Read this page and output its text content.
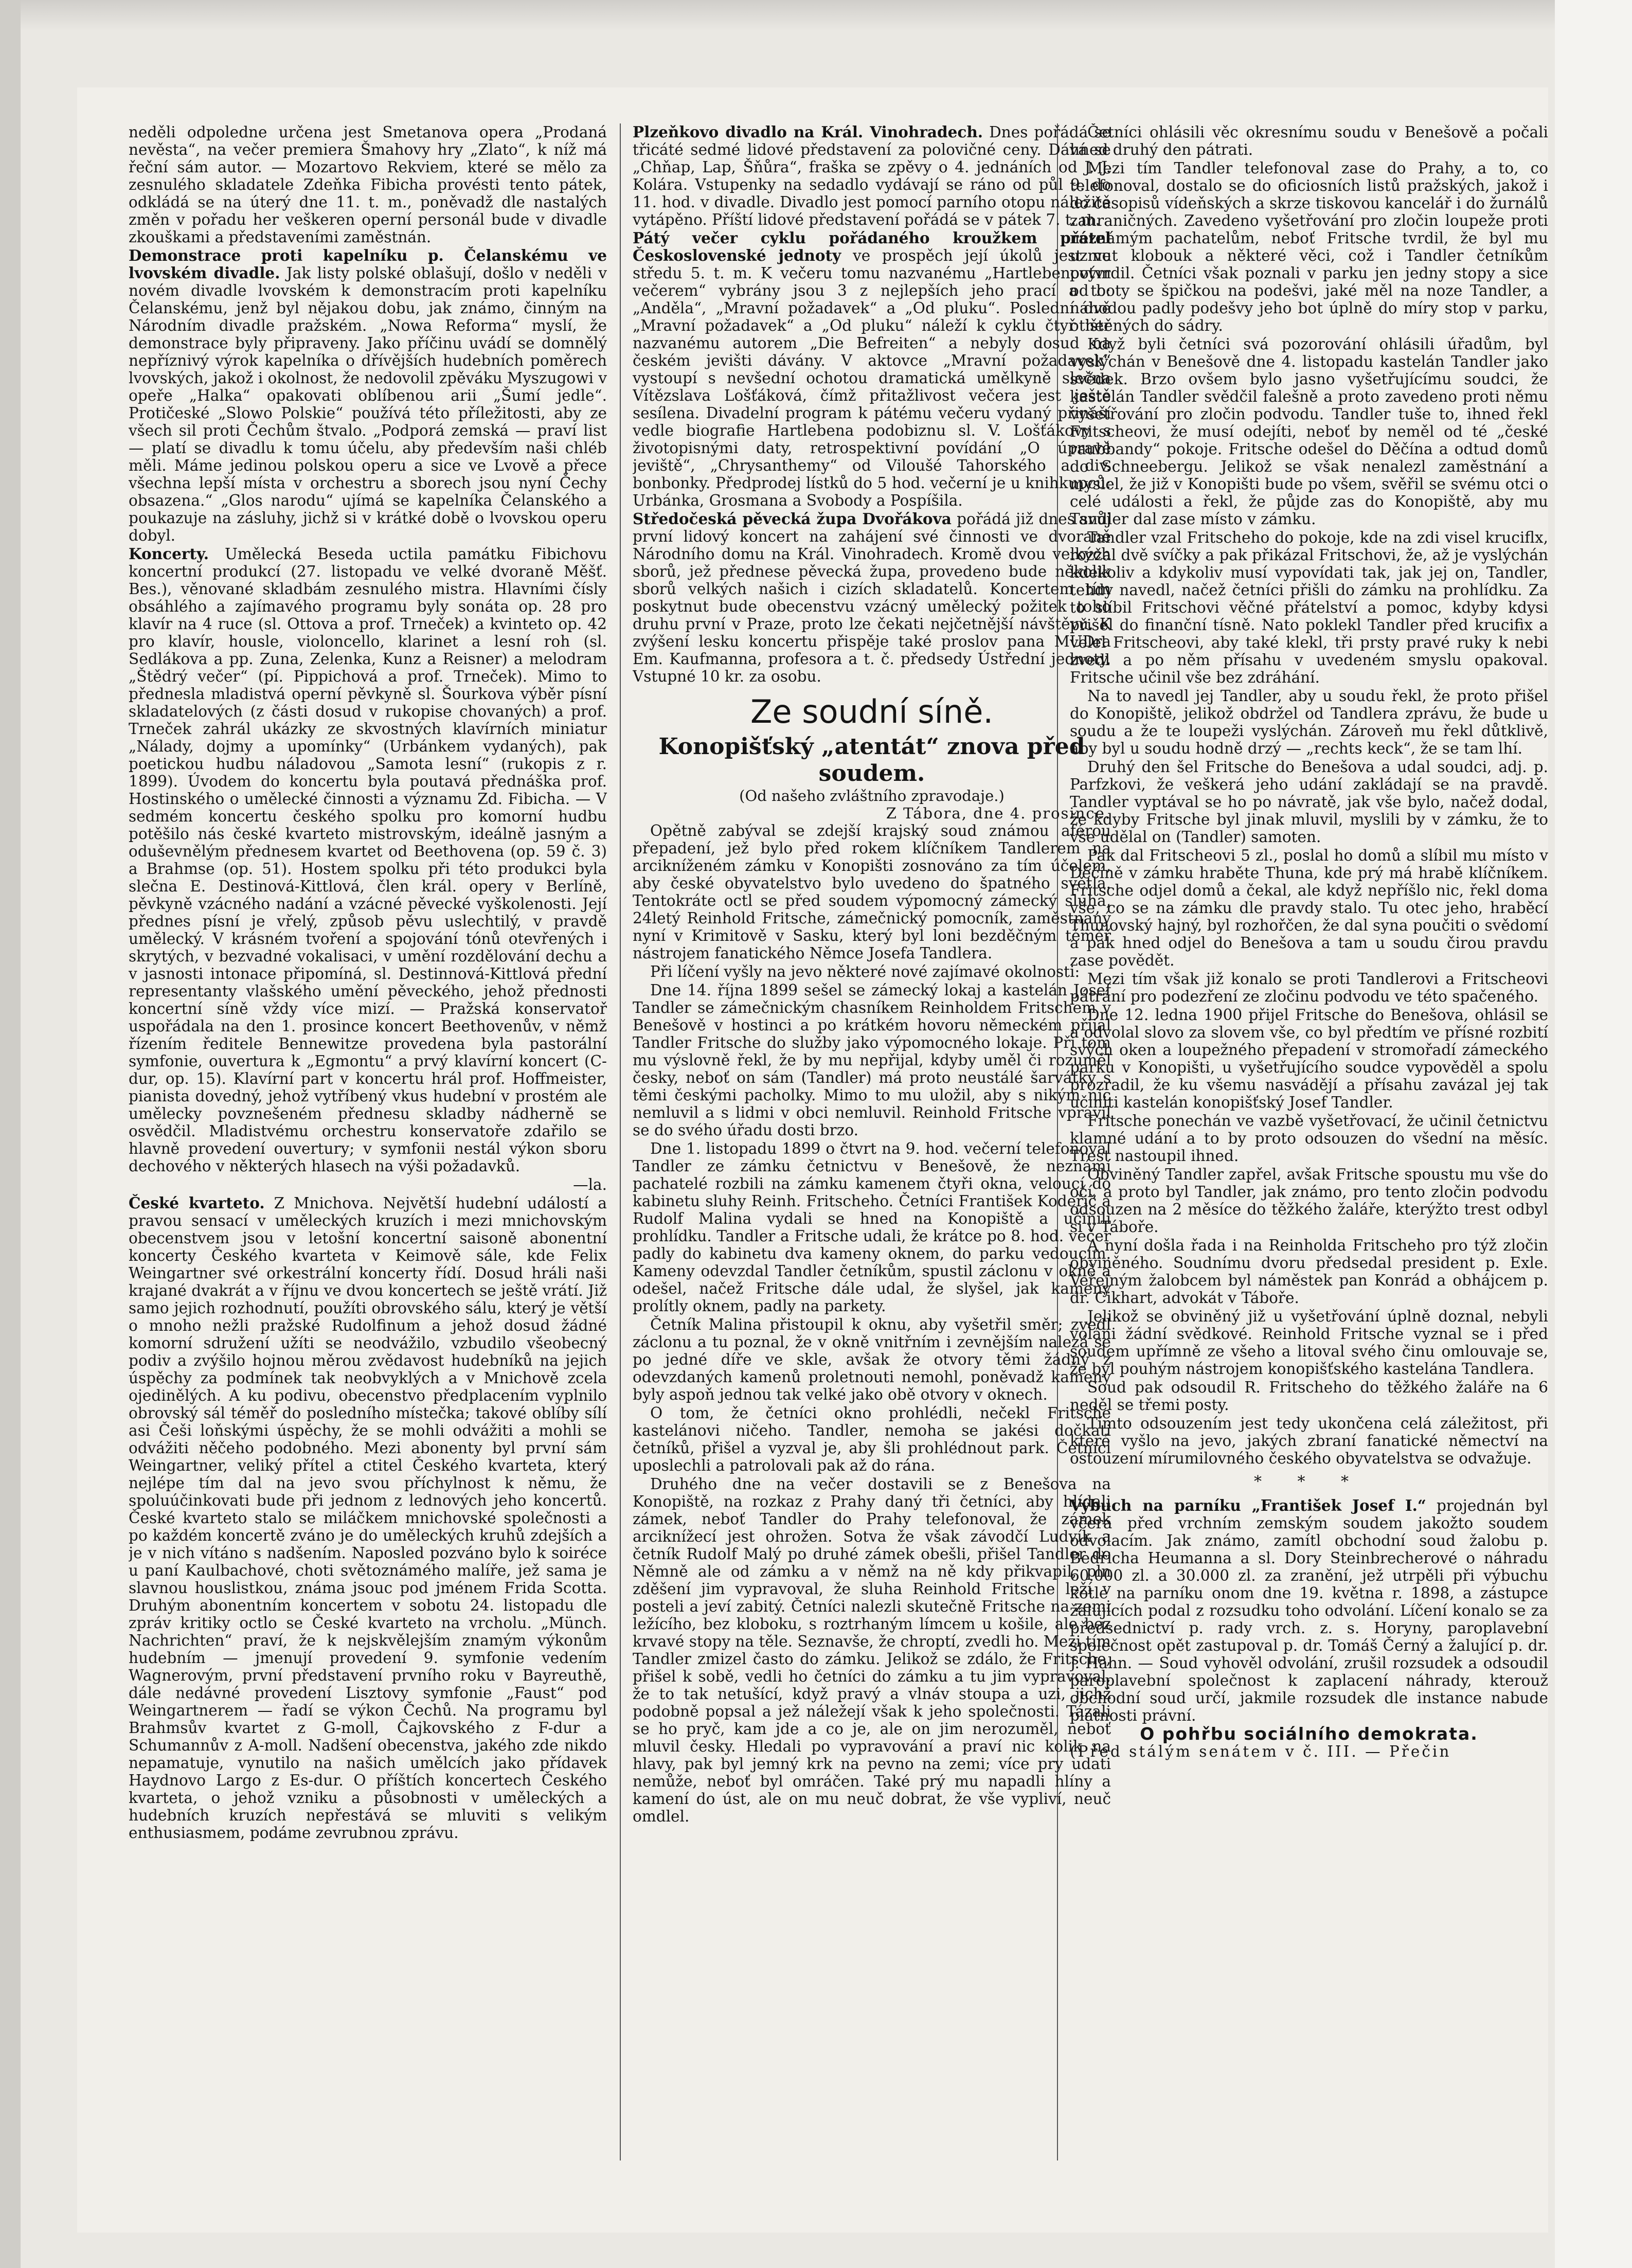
neděli odpoledne určena jest Smetanova opera „Prodaná nevěsta“, na večer premiera Šmahovy hry „Zlato“, k níž má řeční sám autor. — Mozartovo Rekviem, které se mělo za zesnulého skladatele Zdeňka Fibicha provésti tento pátek, odkládá se na úterý dne 11. t. m., poněvadž dle nastalých změn v pořadu her veškeren operní personál bude v divadle zkouškami a představeními zaměstnán.

Demonstrace proti kapelníku p. Čelanskému ve lvovském divadle. Jak listy polské oblašují, došlo v neděli v novém divadle lvovském k demonstracím proti kapelníku Čelanskému, jenž byl nějakou dobu, jak známo, činným na Národním divadle pražském. „Nowa Reforma“ myslí, že demonstrace byly připraveny. Jako příčinu uvádí se domnělý nepříznivý výrok kapelníka o dřívějších hudebních poměrech lvovských, jakož i okolnost, že nedovolil zpěváku Myszugowi v opeře „Halka“ opakovati oblíbenou arii „Šumí jedle“. Protičeské „Slowo Polskie“ používá této příležitosti, aby ze všech sil proti Čechům štvalo. „Podporá zemská — praví list — platí se divadlu k tomu účelu, aby především naši chléb měli. Máme jedinou polskou operu a sice ve Lvově a přece všechna lepší místa v orchestru a sborech jsou nyní Čechy obsazena.“ „Glos narodu“ ujímá se kapelníka Čelanského a poukazuje na zásluhy, jichž si v krátké době o lvovskou operu dobyl.

Koncerty. Umělecká Beseda uctila památku Fibichovu koncertní produkcí (27. listopadu ve velké dvoraně Měšť. Bes.), věnované skladbám zesnulého mistra. Hlavními čísly obsáhlého a zajímavého programu byly sonáta op. 28 pro klavír na 4 ruce (sl. Ottova a prof. Trneček) a kvinteto op. 42 pro klavír, housle, violoncello, klarinet a lesní roh (sl. Sedlákova a pp. Zuna, Zelenka, Kunz a Reisner) a melodram „Štědrý večer“ (pí. Pippichová a prof. Trneček). Mimo to přednesla mladistvá operní pěvkyně sl. Šourkova výběr písní skladatelových (z části dosud v rukopise chovaných) a prof. Trneček zahrál ukázky ze skvostných klavírních miniatur „Nálady, dojmy a upomínky“ (Urbánkem vydaných), pak poetickou hudbu náladovou „Samota lesní“ (rukopis z r. 1899). Úvodem do koncertu byla poutavá přednáška prof. Hostinského o umělecké činnosti a významu Zd. Fibicha. — V sedmém koncertu českého spolku pro komorní hudbu potěšilo nás české kvarteto mistrovským, ideálně jasným a oduševnělým přednesem kvartet od Beethovena (op. 59 č. 3) a Brahmse (op. 51). Hostem spolku při této produkci byla slečna E. Destinová-Kittlová, člen král. opery v Berlíně, pěvkyně vzácného nadání a vzácné pěvecké vyškolenosti. Její přednes písní je vřelý, způsob pěvu uslechtilý, v pravdě umělecký. V krásném tvoření a spojování tónů otevřených i skrytých, v bezvadné vokalisaci, v umění rozdělování dechu a v jasnosti intonace připomíná, sl. Destinnová-Kittlová přední representanty vlašského umění pěveckého, jehož přednosti koncertní síně vždy více mizí. — Pražská konservatoř uspořádala na den 1. prosince koncert Beethovenův, v němž řízením ředitele Bennewitze provedena byla pastorální symfonie, ouvertura k „Egmontu“ a prvý klavírní koncert (C-dur, op. 15). Klavírní part v koncertu hrál prof. Hoffmeister, pianista dovedný, jehož vytříbený vkus hudební v prostém ale umělecky povznešeném přednesu skladby nádherně se osvědčil. Mladistvému orchestru konservatoře zdařilo se hlavně provedení ouvertury; v symfonii nestál výkon sboru dechového v některých hlasech na výši požadavků.

—la.

České kvarteto. Z Mnichova. Největší hudební událostí a pravou sensací v uměleckých kruzích i mezi mnichovským obecenstvem jsou v letošní koncertní saisoně abonentní koncerty Českého kvarteta v Keimově sále, kde Felix Weingartner své orkestrální koncerty řídí. Dosud hráli naši krajané dvakrát a v říjnu ve dvou koncertech se ještě vrátí. Již samo jejich rozhodnutí, použíti obrovského sálu, který je větší o mnoho nežli pražské Rudolfinum a jehož dosud žádné komorní sdružení užíti se neodvážilo, vzbudilo všeobecný podiv a zvýšilo hojnou měrou zvědavost hudebníků na jejich úspěchy za podmínek tak neobvyklých a v Mnichově zcela ojedinělých. A ku podivu, obecenstvo předplacením vyplnilo obrovský sál téměř do posledního místečka; takové oblíby sílí asi Češi loňskými úspěchy, že se mohli odvážiti a mohli se odvážiti něčeho podobného. Mezi abonenty byl první sám Weingartner, veliký přítel a ctitel Českého kvarteta, který nejlépe tím dal na jevo svou příchylnost k němu, že spoluúčinkovati bude při jednom z lednových jeho koncertů. České kvarteto stalo se miláčkem mnichovské společnosti a po každém koncertě zváno je do uměleckých kruhů zdejších a je v nich vítáno s nadšením. Naposled pozváno bylo k soiréce u paní Kaulbachové, choti světoznámého malíře, jež sama je slavnou houslistkou, známa jsouc pod jménem Frida Scotta. Druhým abonentním koncertem v sobotu 24. listopadu dle zpráv kritiky octlo se České kvarteto na vrcholu. „Münch. Nachrichten“ praví, že k nejskvělejším znamým výkonům hudebním — jmenují provedení 9. symfonie vedením Wagnerovým, první představení prvního roku v Bayreuthě, dále nedávné provedení Lisztovy symfonie „Faust“ pod Weingartnerem — řadí se výkon Čechů. Na programu byl Brahmsův kvartet z G-moll, Čajkovského z F-dur a Schumannův z A-moll. Nadšení obecenstva, jakého zde nikdo nepamatuje, vynutilo na našich umělcích jako přídavek Haydnovo Largo z Es-dur. O příštích koncertech Českého kvarteta, o jehož vzniku a působnosti v uměleckých a hudebních kruzích nepřestává se mluviti s velikým enthusiasmem, podáme zevrubnou zprávu.

Plzeňkovo divadlo na Král. Vinohradech. Dnes pořádá se třicáté sedmé lidové představení za polovičné ceny. Dává se „Chňap, Lap, Šňůra“, fraška se zpěvy o 4. jednáních od J. J. Kolára. Vstupenky na sedadlo vydávají se ráno od půl 9. do 11. hod. v divadle. Divadlo jest pomocí parního otopu náležitě vytápěno. Příští lidové představení pořádá se v pátek 7. t. m.

Pátý večer cyklu pořádaného kroužkem přátel Československé jednoty ve prospěch její úkolů jest ve středu 5. t. m. K večeru tomu nazvanému „Hartlebenovým večerem“ vybrány jsou 3 z nejlepších jeho prací a to: „Anděla“, „Mravní požadavek“ a „Od pluku“. Poslední dvě „Mravní požadavek“ a „Od pluku“ náleží k cyklu čtyř her nazvanému autorem „Die Befreiten“ a nebyly dosud na českém jevišti dávány. V aktovce „Mravní požadavek“ vystoupí s nevšední ochotou dramatická umělkyně slečna Vítězslava Lošťáková, čímž přitažlivost večera jest ještě sesílena. Divadelní program k pátému večeru vydaný přináší vedle biografie Hartlebena podobiznu sl. V. Lošťákovy s životopisnými daty, retrospektivní povídání „O úpravě jeviště“, „Chrysanthemy“ od Viloušé Tahorského a div. bonbonky. Předprodej lístků do 5 hod. večerní je u knihkupců: Urbánka, Grosmana a Svobody a Pospíšila.

Středočeská pěvecká župa Dvořákova pořádá již dnes svůj první lidový koncert na zahájení své činnosti ve dvoraně Národního domu na Král. Vinohradech. Kromě dvou velkých sborů, jež přednese pěvecká župa, provedeno bude několik sborů velkých našich i cizích skladatelů. Koncertem tím poskytnut bude obecenstvu vzácný umělecký požitek toho druhu první v Praze, proto lze čekati nejčetnější návštěvu. K zvýšení lesku koncertu přispěje také proslov pana MUDra Em. Kaufmanna, profesora a t. č. předsedy Ústřední jednoty. Vstupné 10 kr. za osobu.

Ze soudní síně.
Konopišťský „atentát“ znova před soudem.
(Od našeho zvláštního zpravodaje.)
Z Tábora, dne 4. prosince.

Opětně zabýval se zdejší krajský soud známou aférou přepadení, jež bylo před rokem klíčníkem Tandlerem na arcikníženém zámku v Konopišti zosnováno za tím účelem, aby české obyvatelstvo bylo uvedeno do špatného světla. Tentokráte octl se před soudem výpomocný zámecký sluha, 24letý Reinhold Fritsche, zámečnický pomocník, zaměstnaný nyní v Krimitově v Sasku, který byl loni bezděčným téměř nástrojem fanatického Němce Josefa Tandlera.

Při líčení vyšly na jevo některé nové zajímavé okolnosti:

Dne 14. října 1899 sešel se zámecký lokaj a kastelán Josef Tandler se zámečnickým chasníkem Reinholdem Fritschem v Benešově v hostinci a po krátkém hovoru německém přijal Tandler Fritsche do služby jako výpomocného lokaje. Při tom mu výslovně řekl, že by mu nepřijal, kdyby uměl či rozuměl česky, neboť on sám (Tandler) má proto neustálé šarvátky s těmi českými pacholky. Mimo to mu uložil, aby s nikým nic nemluvil a s lidmi v obci nemluvil. Reinhold Fritsche vpravil se do svého úřadu dosti brzo.

Dne 1. listopadu 1899 o čtvrt na 9. hod. večerní telefonoval Tandler ze zámku četnictvu v Benešově, že neznámí pachatelé rozbili na zámku kamenem čtyři okna, veloucí do kabinetu sluhy Reinh. Fritscheho. Četníci František Kodeřič a Rudolf Malina vydali se hned na Konopiště a učinili prohlídku. Tandler a Fritsche udali, že krátce po 8. hod. večer padly do kabinetu dva kameny oknem, do parku vedoucím. Kameny odevzdal Tandler četníkům, spustil záclonu v okně a odešel, načež Fritsche dále udal, že slyšel, jak kameny prolítly oknem, padly na parkety.

Četník Malina přistoupil k oknu, aby vyšetřil směr; zvedl záclonu a tu poznal, že v okně vnitřním i zevnějším nalezá se po jedné díře ve skle, avšak že otvory těmi žádný z odevzdaných kamenů proletnouti nemohl, poněvadž kameny byly aspoň jednou tak velké jako obě otvory v oknech.

O tom, že četníci okno prohlédli, nečekl Fritsche kastelánovi ničeho. Tandler, nemoha se jakési dočkati četníků, přišel a vyzval je, aby šli prohlédnout park. Četníci uposlechli a patrolovali pak až do rána.

Druhého dne na večer dostavili se z Benešova na Konopiště, na rozkaz z Prahy daný tři četníci, aby hlídali zámek, neboť Tandler do Prahy telefonoval, že zámek arciknížecí jest ohrožen. Sotva že však závodčí Ludvík a četník Rudolf Malý po druhé zámek obešli, přišel Tandler do Němně ale od zámku a v němž na ně kdy přikvapil, pln zděšení jim vypravoval, že sluha Reinhold Fritsche leží v posteli a jeví zabitý. Četníci nalezli skutečně Fritsche na zemi ležícího, bez kloboku, s roztrhaným límcem u košile, ale bez krvavé stopy na těle. Seznavše, že chroptí, zvedli ho. Mezi tím Tandler zmizel často do zámku. Jelikož se zdálo, že Fritsche, přišel k sobě, vedli ho četníci do zámku a tu jim vypravoval, že to tak netušící, když pravý a vlnáv stoupa a uzi, jichž podobně popsal a jež náležejí však k jeho společnosti. Tázali se ho pryč, kam jde a co je, ale on jim nerozuměl, neboť mluvil česky. Hledali po vypravování a praví nic kolik na hlavy, pak byl jemný krk na pevno na zemi; více pry udati nemůže, neboť byl omráčen. Také prý mu napadli hlíny a kamení do úst, ale on mu neuč dobrat, že vše vypliví, neuč omdlel.

Četníci ohlásili věc okresnímu soudu v Benešově a počali hned druhý den pátrati.

Mezi tím Tandler telefonoval zase do Prahy, a to, co telefonoval, dostalo se do oficiosních listů pražských, jakož i do časopisů vídeňských a skrze tiskovou kancelář i do žurnálů zahraničných. Zavedeno vyšetřování pro zločin loupeže proti neznámým pachatelům, neboť Fritsche tvrdil, že byl mu uzmut klobouk a některé věci, což i Tandler četníkům potvrdil. Četníci však poznali v parku jen jedny stopy a sice od boty se špičkou na podešvi, jaké měl na noze Tandler, a náhodou padly podešvy jeho bot úplně do míry stop v parku, otištěných do sádry.

Když byli četníci svá pozorování ohlásili úřadům, byl vyslýchán v Benešově dne 4. listopadu kastelán Tandler jako svědek. Brzo ovšem bylo jasno vyšetřujícímu soudci, že kastelán Tandler svědčil falešně a proto zavedeno proti němu vyšetřování pro zločin podvodu. Tandler tuše to, ihned řekl Fritscheovi, že musí odejíti, neboť by neměl od té „české raubbandy“ pokoje. Fritsche odešel do Děčína a odtud domů do Schneebergu. Jelikož se však nenalezl zaměstnání a myslel, že již v Konopišti bude po všem, svěřil se svému otci o celé události a řekl, že půjde zas do Konopiště, aby mu Tandler dal zase místo v zámku.

Tandler vzal Fritscheho do pokoje, kde na zdi visel kruciflx, rozžal dvě svíčky a pak přikázal Fritschovi, že, až je vyslýchán kdekoliv a kdykoliv musí vypovídati tak, jak jej on, Tandler, tehdy navedl, načež četníci přišli do zámku na prohlídku. Za to slíbil Fritschovi věčné přátelství a pomoc, kdyby kdysi přišel do finanční tísně. Nato poklekl Tandler před krucifix a velel Fritscheovi, aby také klekl, tři prsty pravé ruky k nebi zvedl a po něm přísahu v uvedeném smyslu opakoval. Fritsche učinil vše bez zdráhání.

Na to navedl jej Tandler, aby u soudu řekl, že proto přišel do Konopiště, jelikož obdržel od Tandlera zprávu, že bude u soudu a že te loupeži vyslýchán. Zároveň mu řekl důtklivě, aby byl u soudu hodně drzý — „rechts keck“, že se tam lhí.

Druhý den šel Fritsche do Benešova a udal soudci, adj. p. Parfzkovi, že veškerá jeho udání zakládají se na pravdě. Tandler vyptával se ho po návratě, jak vše bylo, načež dodal, že kdyby Fritsche byl jinak mluvil, myslili by v zámku, že to vše udělal on (Tandler) samoten.

Pak dal Fritscheovi 5 zl., poslal ho domů a slíbil mu místo v Děčíně v zámku hraběte Thuna, kde prý má hrabě klíčníkem. Fritsche odjel domů a čekal, ale když nepříšlo nic, řekl doma vše, co se na zámku dle pravdy stalo. Tu otec jeho, hraběcí Thunovský hajný, byl rozhořčen, že dal syna poučiti o svědomí a pak hned odjel do Benešova a tam u soudu čirou pravdu zase povědět.

Mezi tím však již konalo se proti Tandlerovi a Fritscheovi pátrání pro podezření ze zločinu podvodu ve této spačeného.

Dne 12. ledna 1900 přijel Fritsche do Benešova, ohlásil se a odvolal slovo za slovem vše, co byl předtím ve přísné rozbití svých oken a loupežného přepadení v stromořadí zámeckého parku v Konopišti, u vyšetřujícího soudce vypověděl a spolu prozradil, že ku všemu nasvádějí a přísahu zavázal jej tak učiniti kastelán konopišťský Josef Tandler.

Fritsche ponechán ve vazbě vyšetřovací, že učinil četnictvu klamné udání a to by proto odsouzen do všední na měsíc. Trest nastoupil ihned.

Obviněný Tandler zapřel, avšak Fritsche spoustu mu vše do očí, a proto byl Tandler, jak známo, pro tento zločin podvodu odsouzen na 2 měsíce do těžkého žaláře, kterýžto trest odbyl si v Táboře.

A nyní došla řada i na Reinholda Fritscheho pro týž zločin obviněného. Soudnímu dvoru předsedal president p. Exle. Veřejným žalobcem byl náměstek pan Konrád a obhájcem p. dr. Cikhart, advokát v Táboře.

Jelikož se obviněný již u vyšetřování úplně doznal, nebyli voláni žádní svědkové. Reinhold Fritsche vyznal se i před soudem upřímně ze všeho a litoval svého činu omlouvaje se, že byl pouhým nástrojem konopišťského kastelána Tandlera.

Soud pak odsoudil R. Fritscheho do těžkého žaláře na 6 neděl se třemi posty.

Tímto odsouzením jest tedy ukončena celá záležitost, při které vyšlo na jevo, jakých zbraní fanatické němectví na ostouzení mírumilovného českého obyvatelstva se odvažuje.

* * *

Výbuch na parníku „František Josef I.“ projednán byl včera před vrchním zemským soudem jakožto soudem odvolacím. Jak známo, zamítl obchodní soud žalobu p. Bedřicha Heumanna a sl. Dory Steinbrecherové o náhradu 60.000 zl. a 30.000 zl. za zranění, jež utrpěli při výbuchu kotle na parníku onom dne 19. května r. 1898, a zástupce žalujících podal z rozsudku toho odvolání. Líčení konalo se za předsednictví p. rady vrch. z. s. Horyny, paroplavební společnost opět zastupoval p. dr. Tomáš Černý a žalující p. dr. J. Hahn. — Soud vyhověl odvolání, zrušil rozsudek a odsoudil paroplavební společnost k zaplacení náhrady, kterouž obchodní soud určí, jakmile rozsudek dle instance nabude platnosti právní.

O pohřbu sociálního demokrata.

(Před stálým senátem v č. III. — Přečin
